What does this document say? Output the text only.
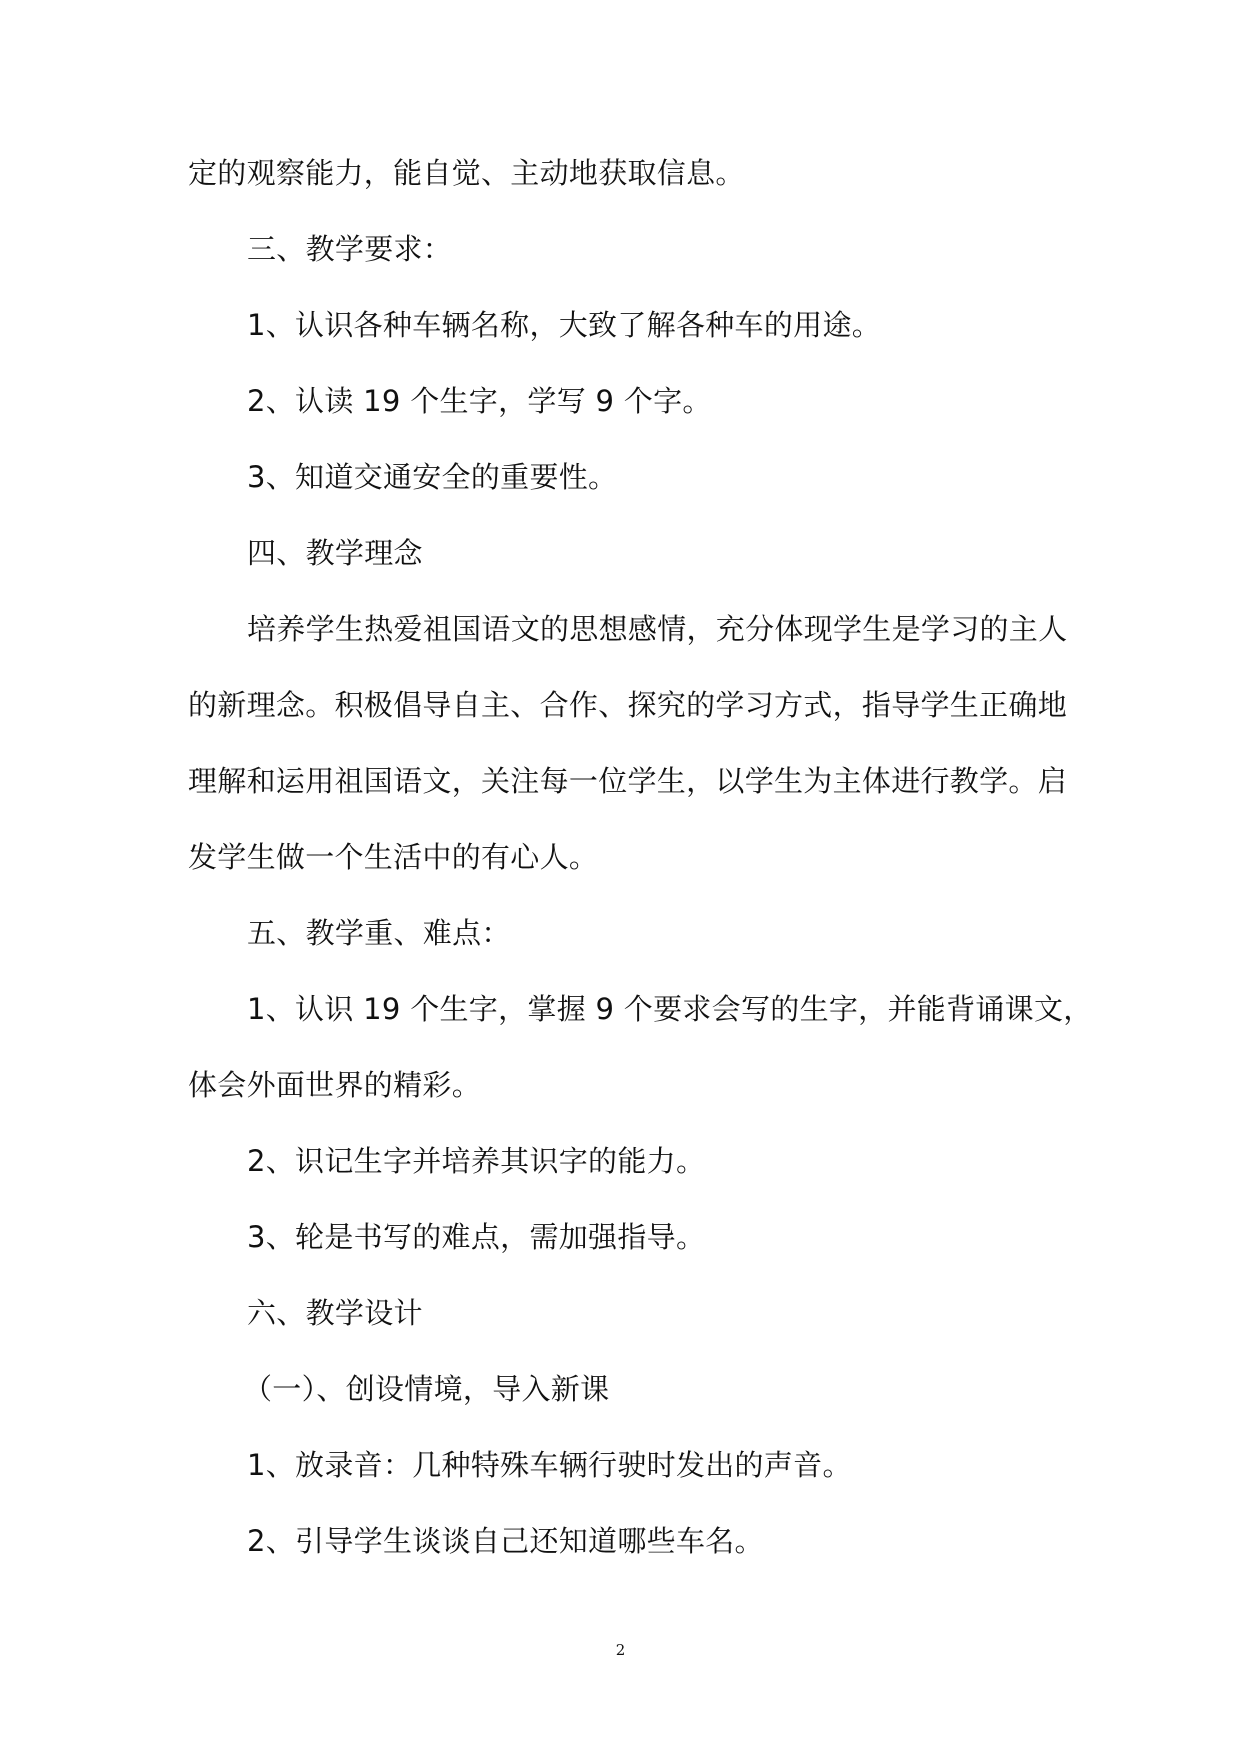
定的观察能力，能自觉、主动地获取信息。
三、教学要求：
1、认识各种车辆名称，大致了解各种车的用途。
2、认读 19 个生字，学写 9 个字。
3、知道交通安全的重要性。
四、教学理念
培养学生热爱祖国语文的思想感情，充分体现学生是学习的主人
的新理念。积极倡导自主、合作、探究的学习方式，指导学生正确地
理解和运用祖国语文，关注每一位学生，以学生为主体进行教学。启
发学生做一个生活中的有心人。
五、教学重、难点：
1、认识 19 个生字，掌握 9 个要求会写的生字，并能背诵课文，
体会外面世界的精彩。
2、识记生字并培养其识字的能力。
3、轮是书写的难点，需加强指导。
六、教学设计
（一）、创设情境，导入新课
1、放录音：几种特殊车辆行驶时发出的声音。
2、引导学生谈谈自己还知道哪些车名。
2
